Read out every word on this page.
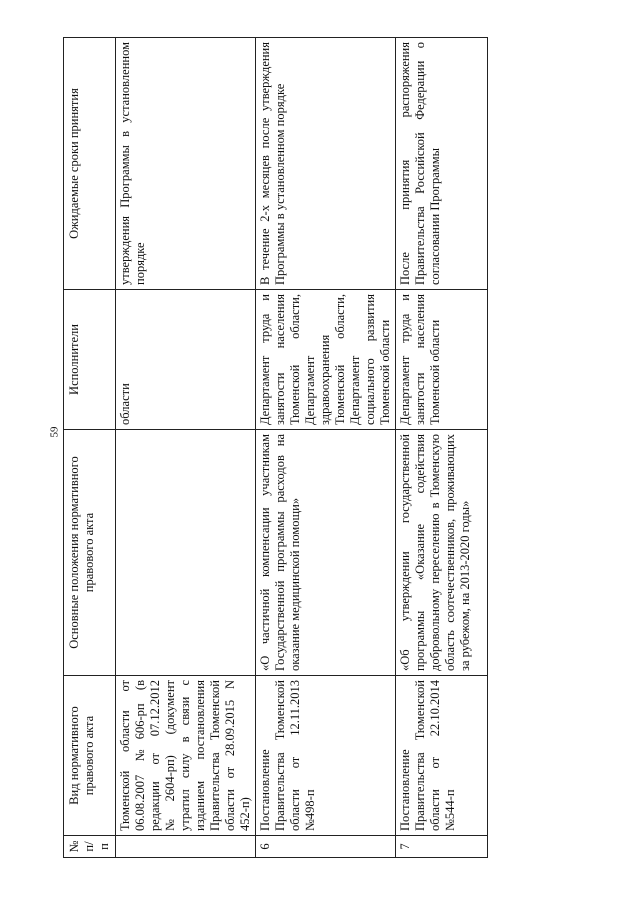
59
№ п/п	Вид нормативного правового акта	Основные положения нормативного правового акта	Исполнители	Ожидаемые сроки принятия
	Тюменской области от 06.08.2007 №606-рп (в редакции от 07.12.2012 №2604-рп) (документ утратил силу в связи с изданием постановления Правительства Тюменской области от 28.09.2015 N 452-п)		области	утверждения Программы в установленном порядке
6	Постановление Правительства Тюменской области от 12.11.2013 №498-п	«О частичной компенсации участникам Государственной программы расходов на оказание медицинской помощи»	Департамент труда и занятости населения Тюменской области, Департамент здравоохранения Тюменской области, Департамент социального развития Тюменской области	В течение 2-х месяцев после утверждения Программы в установленном порядке
7	Постановление Правительства Тюменской области от 22.10.2014 №544-п	«Об утверждении государственной программы «Оказание содействия добровольному переселению в Тюменскую область соотечественников, проживающих за рубежом, на 2013-2020 годы»	Департамент труда и занятости населения Тюменской области	После принятия распоряжения Правительства Российской Федерации о согласовании Программы
